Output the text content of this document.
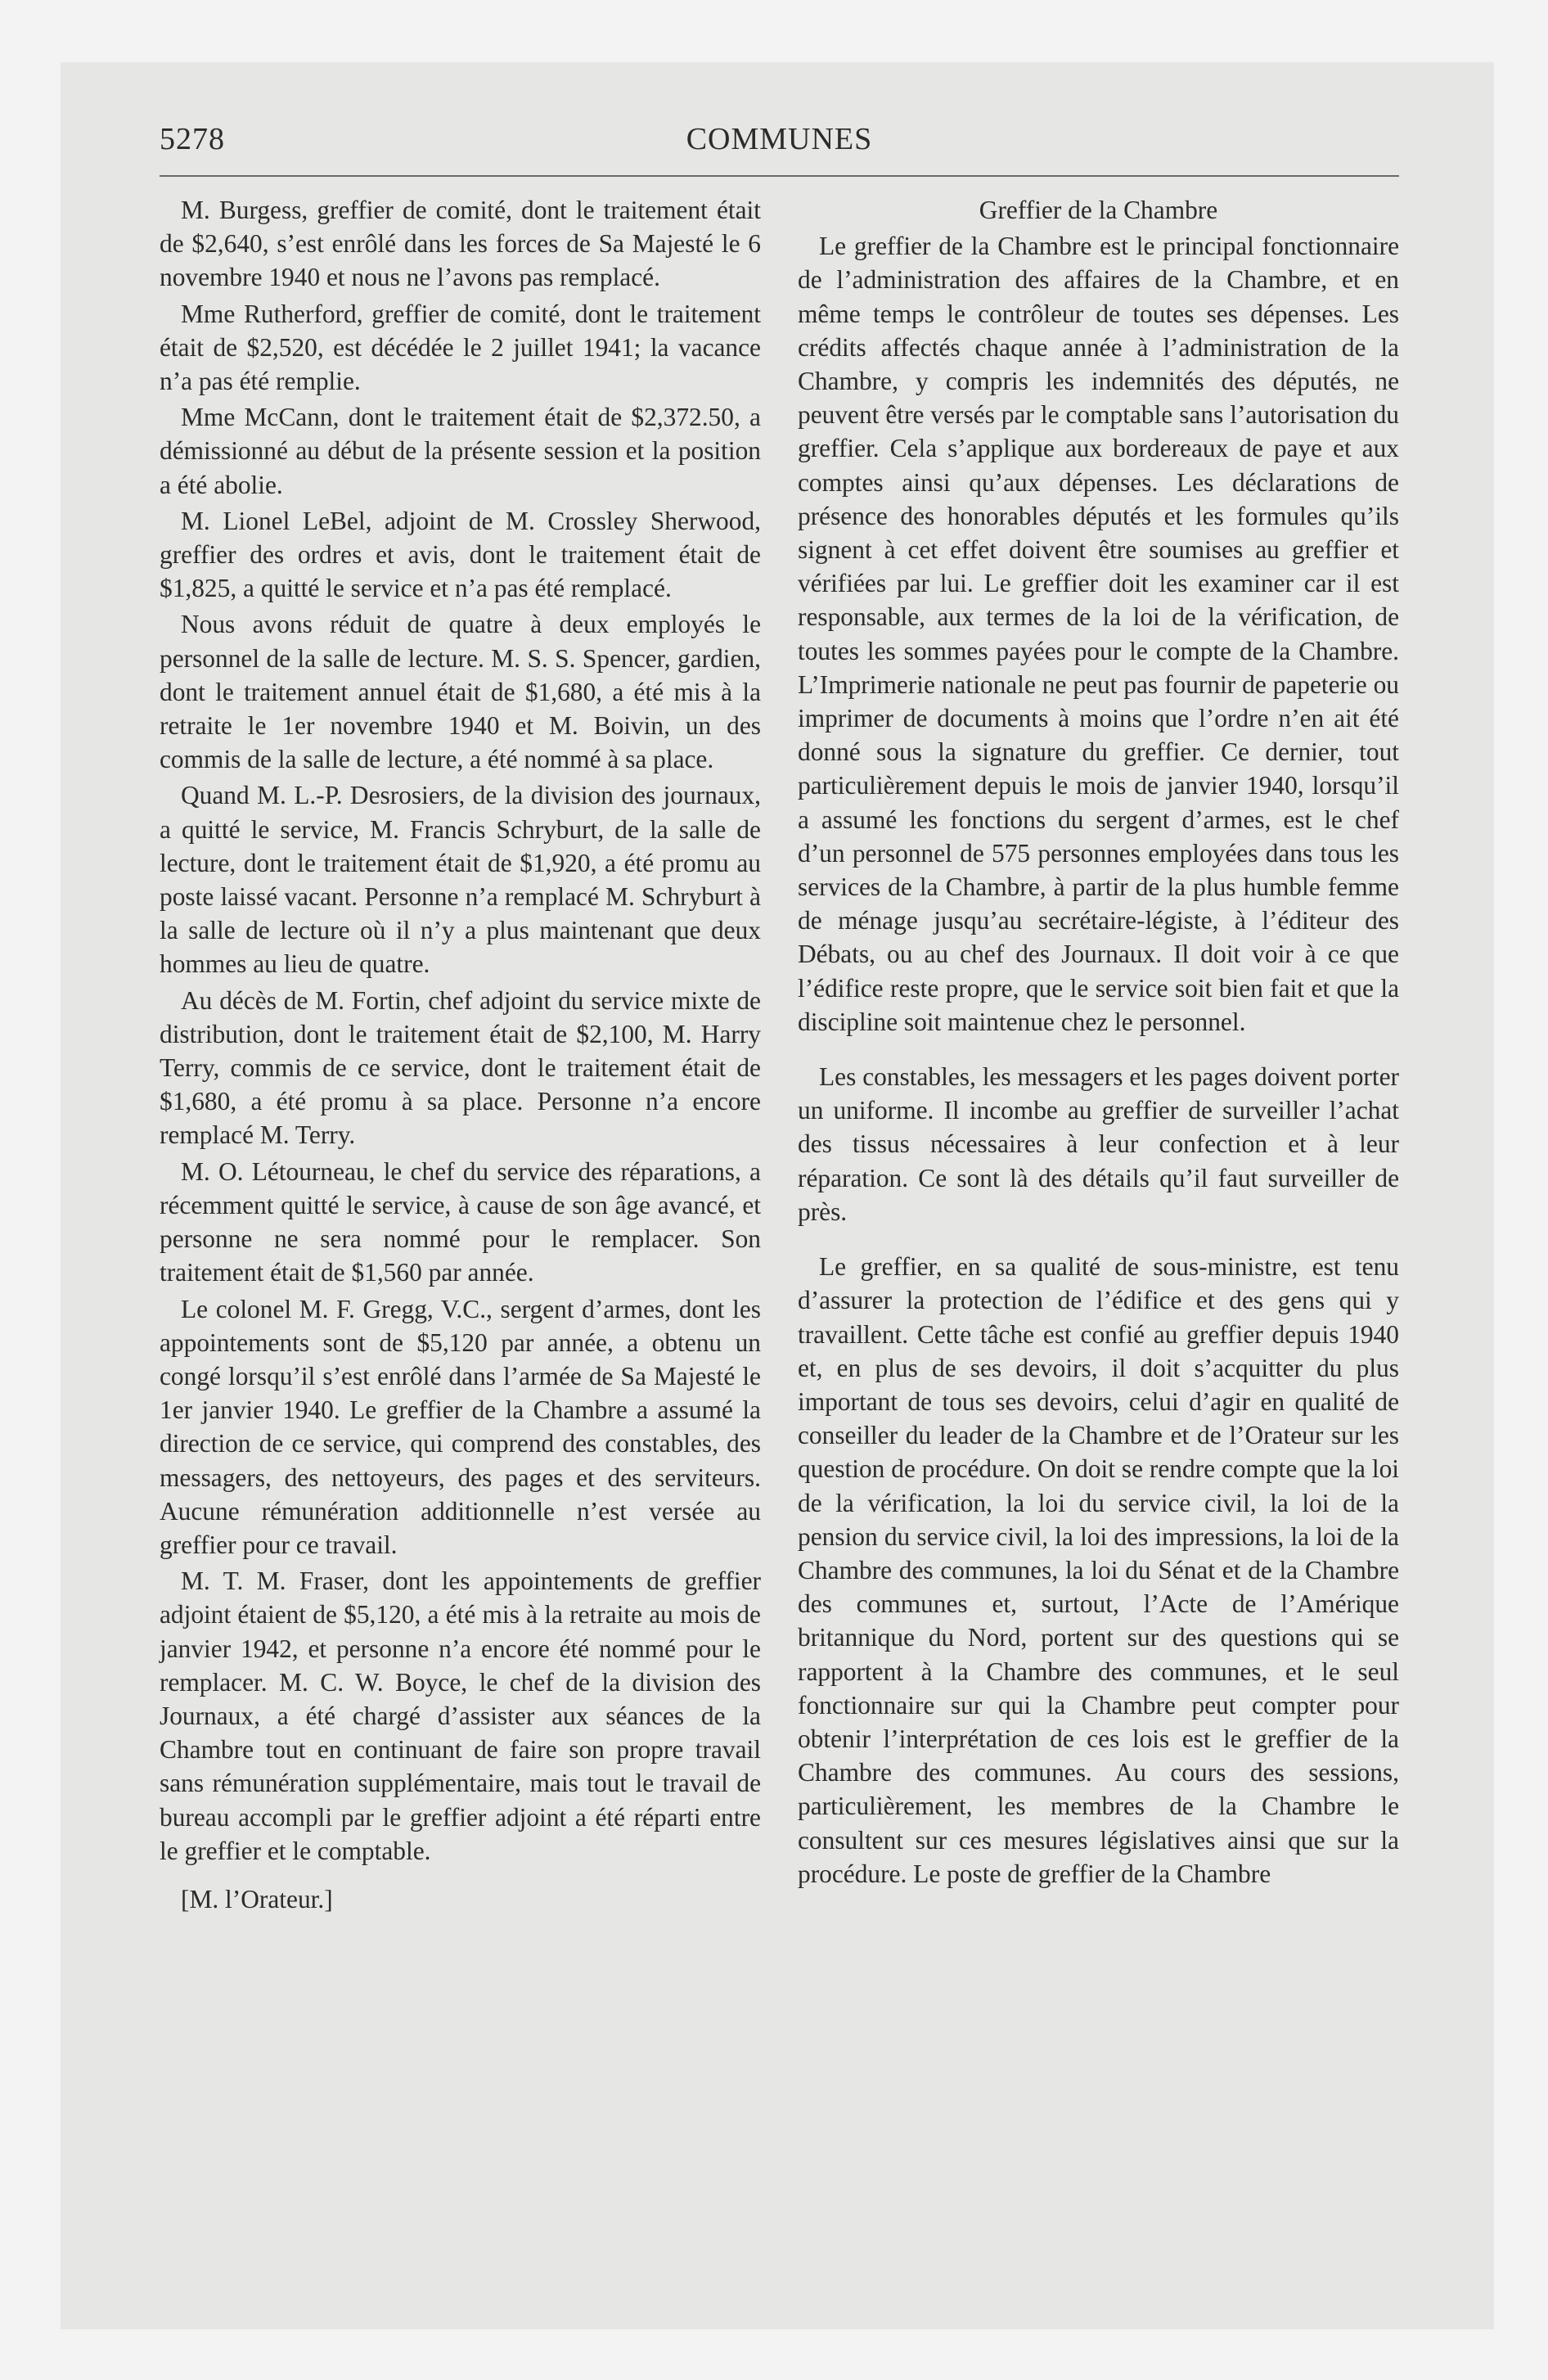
5278	COMMUNES

M. Burgess, greffier de comité, dont le traitement était de $2,640, s’est enrôlé dans les forces de Sa Majesté le 6 novembre 1940 et nous ne l’avons pas remplacé.

Mme Rutherford, greffier de comité, dont le traitement était de $2,520, est décédée le 2 juillet 1941; la vacance n’a pas été remplie.

Mme McCann, dont le traitement était de $2,372.50, a démissionné au début de la présente session et la position a été abolie.

M. Lionel LeBel, adjoint de M. Crossley Sherwood, greffier des ordres et avis, dont le traitement était de $1,825, a quitté le service et n’a pas été remplacé.

Nous avons réduit de quatre à deux employés le personnel de la salle de lecture. M. S. S. Spencer, gardien, dont le traitement annuel était de $1,680, a été mis à la retraite le 1er novembre 1940 et M. Boivin, un des commis de la salle de lecture, a été nommé à sa place.

Quand M. L.-P. Desrosiers, de la division des journaux, a quitté le service, M. Francis Schryburt, de la salle de lecture, dont le traitement était de $1,920, a été promu au poste laissé vacant. Personne n’a remplacé M. Schryburt à la salle de lecture où il n’y a plus maintenant que deux hommes au lieu de quatre.

Au décès de M. Fortin, chef adjoint du service mixte de distribution, dont le traitement était de $2,100, M. Harry Terry, commis de ce service, dont le traitement était de $1,680, a été promu à sa place. Personne n’a encore remplacé M. Terry.

M. O. Létourneau, le chef du service des réparations, a récemment quitté le service, à cause de son âge avancé, et personne ne sera nommé pour le remplacer. Son traitement était de $1,560 par année.

Le colonel M. F. Gregg, V.C., sergent d’armes, dont les appointements sont de $5,120 par année, a obtenu un congé lorsqu’il s’est enrôlé dans l’armée de Sa Majesté le 1er janvier 1940. Le greffier de la Chambre a assumé la direction de ce service, qui comprend des constables, des messagers, des nettoyeurs, des pages et des serviteurs. Aucune rémunération additionnelle n’est versée au greffier pour ce travail.

M. T. M. Fraser, dont les appointements de greffier adjoint étaient de $5,120, a été mis à la retraite au mois de janvier 1942, et personne n’a encore été nommé pour le remplacer. M. C. W. Boyce, le chef de la division des Journaux, a été chargé d’assister aux séances de la Chambre tout en continuant de faire son propre travail sans rémunération supplémentaire, mais tout le travail de bureau accompli par le greffier adjoint a été réparti entre le greffier et le comptable.

[M. l’Orateur.]
Greffier de la Chambre

Le greffier de la Chambre est le principal fonctionnaire de l’administration des affaires de la Chambre, et en même temps le contrôleur de toutes ses dépenses. Les crédits affectés chaque année à l’administration de la Chambre, y compris les indemnités des députés, ne peuvent être versés par le comptable sans l’autorisation du greffier. Cela s’applique aux bordereaux de paye et aux comptes ainsi qu’aux dépenses. Les déclarations de présence des honorables députés et les formules qu’ils signent à cet effet doivent être soumises au greffier et vérifiées par lui. Le greffier doit les examiner car il est responsable, aux termes de la loi de la vérification, de toutes les sommes payées pour le compte de la Chambre. L’Imprimerie nationale ne peut pas fournir de papeterie ou imprimer de documents à moins que l’ordre n’en ait été donné sous la signature du greffier. Ce dernier, tout particulièrement depuis le mois de janvier 1940, lorsqu’il a assumé les fonctions du sergent d’armes, est le chef d’un personnel de 575 personnes employées dans tous les services de la Chambre, à partir de la plus humble femme de ménage jusqu’au secrétaire-légiste, à l’éditeur des Débats, ou au chef des Journaux. Il doit voir à ce que l’édifice reste propre, que le service soit bien fait et que la discipline soit maintenue chez le personnel.

Les constables, les messagers et les pages doivent porter un uniforme. Il incombe au greffier de surveiller l’achat des tissus nécessaires à leur confection et à leur réparation. Ce sont là des détails qu’il faut surveiller de près.

Le greffier, en sa qualité de sous-ministre, est tenu d’assurer la protection de l’édifice et des gens qui y travaillent. Cette tâche est confié au greffier depuis 1940 et, en plus de ses devoirs, il doit s’acquitter du plus important de tous ses devoirs, celui d’agir en qualité de conseiller du leader de la Chambre et de l’Orateur sur les question de procédure. On doit se rendre compte que la loi de la vérification, la loi du service civil, la loi de la pension du service civil, la loi des impressions, la loi de la Chambre des communes, la loi du Sénat et de la Chambre des communes et, surtout, l’Acte de l’Amérique britannique du Nord, portent sur des questions qui se rapportent à la Chambre des communes, et le seul fonctionnaire sur qui la Chambre peut compter pour obtenir l’interprétation de ces lois est le greffier de la Chambre des communes. Au cours des sessions, particulièrement, les membres de la Chambre le consultent sur ces mesures législatives ainsi que sur la procédure. Le poste de greffier de la Chambre
